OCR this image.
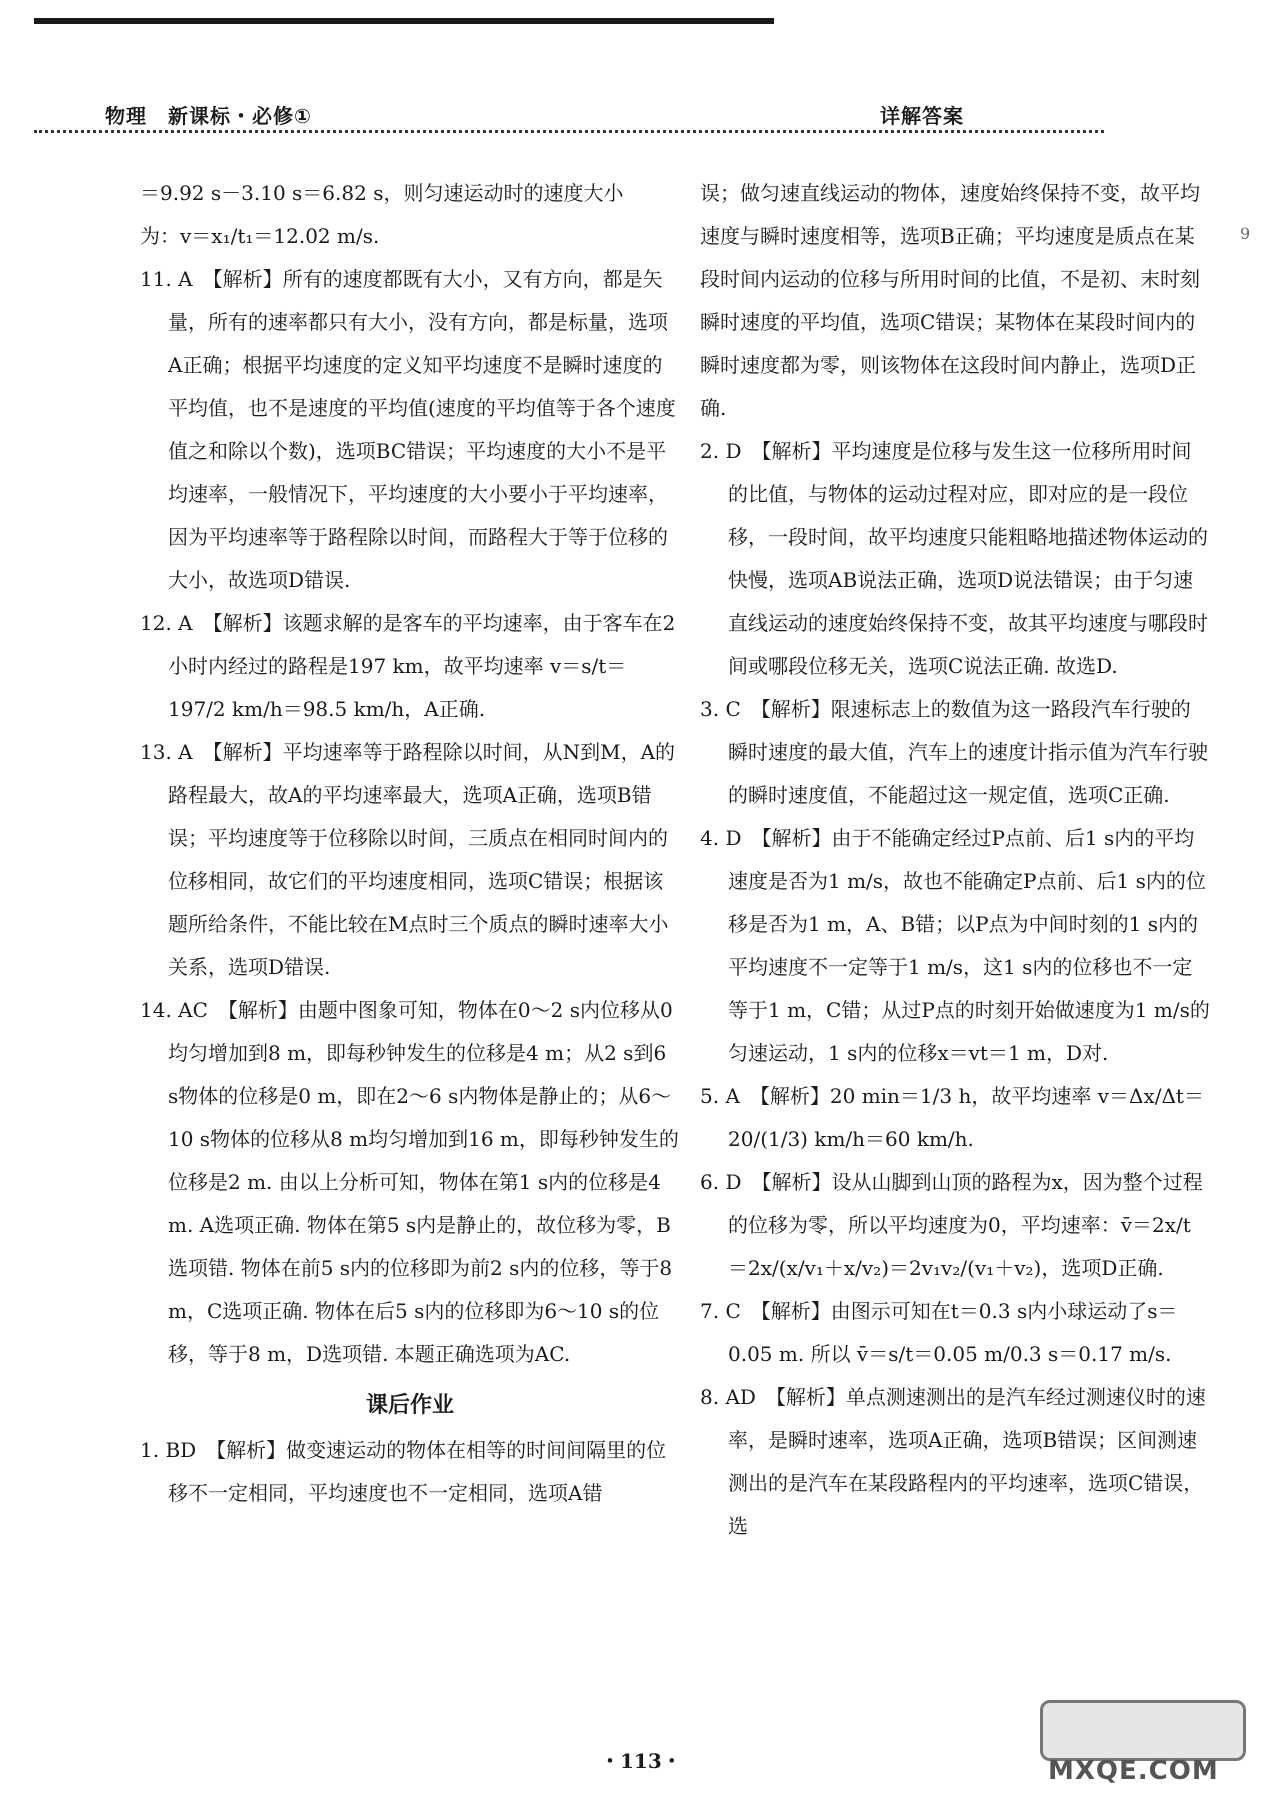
物理　新课标・必修①	详解答案

＝9.92 s－3.10 s＝6.82 s，则匀速运动时的速度大小

为：v＝x₁/t₁＝12.02 m/s.

11. A　【解析】所有的速度都既有大小，又有方向，都是矢量，所有的速率都只有大小，没有方向，都是标量，选项A正确；根据平均速度的定义知平均速度不是瞬时速度的平均值，也不是速度的平均值(速度的平均值等于各个速度值之和除以个数)，选项BC错误；平均速度的大小不是平均速率，一般情况下，平均速度的大小要小于平均速率，因为平均速率等于路程除以时间，而路程大于等于位移的大小，故选项D错误.

12. A　【解析】该题求解的是客车的平均速率，由于客车在2小时内经过的路程是197 km，故平均速率 v＝s/t＝197/2 km/h＝98.5 km/h，A正确.

13. A　【解析】平均速率等于路程除以时间，从N到M，A的路程最大，故A的平均速率最大，选项A正确，选项B错误；平均速度等于位移除以时间，三质点在相同时间内的位移相同，故它们的平均速度相同，选项C错误；根据该题所给条件，不能比较在M点时三个质点的瞬时速率大小关系，选项D错误.

14. AC　【解析】由题中图象可知，物体在0～2 s内位移从0均匀增加到8 m，即每秒钟发生的位移是4 m；从2 s到6 s物体的位移是0 m，即在2～6 s内物体是静止的；从6～10 s物体的位移从8 m均匀增加到16 m，即每秒钟发生的位移是2 m. 由以上分析可知，物体在第1 s内的位移是4 m. A选项正确. 物体在第5 s内是静止的，故位移为零，B选项错. 物体在前5 s内的位移即为前2 s内的位移，等于8 m，C选项正确. 物体在后5 s内的位移即为6～10 s的位移，等于8 m，D选项错. 本题正确选项为AC.

课后作业

1. BD　【解析】做变速运动的物体在相等的时间间隔里的位移不一定相同，平均速度也不一定相同，选项A错

误；做匀速直线运动的物体，速度始终保持不变，故平均速度与瞬时速度相等，选项B正确；平均速度是质点在某段时间内运动的位移与所用时间的比值，不是初、末时刻瞬时速度的平均值，选项C错误；某物体在某段时间内的瞬时速度都为零，则该物体在这段时间内静止，选项D正确.

2. D　【解析】平均速度是位移与发生这一位移所用时间的比值，与物体的运动过程对应，即对应的是一段位移，一段时间，故平均速度只能粗略地描述物体运动的快慢，选项AB说法正确，选项D说法错误；由于匀速直线运动的速度始终保持不变，故其平均速度与哪段时间或哪段位移无关，选项C说法正确. 故选D.

3. C　【解析】限速标志上的数值为这一路段汽车行驶的瞬时速度的最大值，汽车上的速度计指示值为汽车行驶的瞬时速度值，不能超过这一规定值，选项C正确.

4. D　【解析】由于不能确定经过P点前、后1 s内的平均速度是否为1 m/s，故也不能确定P点前、后1 s内的位移是否为1 m，A、B错；以P点为中间时刻的1 s内的平均速度不一定等于1 m/s，这1 s内的位移也不一定等于1 m，C错；从过P点的时刻开始做速度为1 m/s的匀速运动，1 s内的位移x＝vt＝1 m，D对.

5. A　【解析】20 min＝1/3 h，故平均速率 v＝Δx/Δt＝20/(1/3) km/h＝60 km/h.

6. D　【解析】设从山脚到山顶的路程为x，因为整个过程的位移为零，所以平均速度为0，平均速率：v̄＝2x/t＝2x/(x/v₁＋x/v₂)＝2v₁v₂/(v₁＋v₂)，选项D正确.

7. C　【解析】由图示可知在t＝0.3 s内小球运动了s＝0.05 m. 所以 v̄＝s/t＝0.05 m/0.3 s＝0.17 m/s.

8. AD　【解析】单点测速测出的是汽车经过测速仪时的速率，是瞬时速率，选项A正确，选项B错误；区间测速测出的是汽车在某段路程内的平均速率，选项C错误，选

9
・113・	MXQE.COM
